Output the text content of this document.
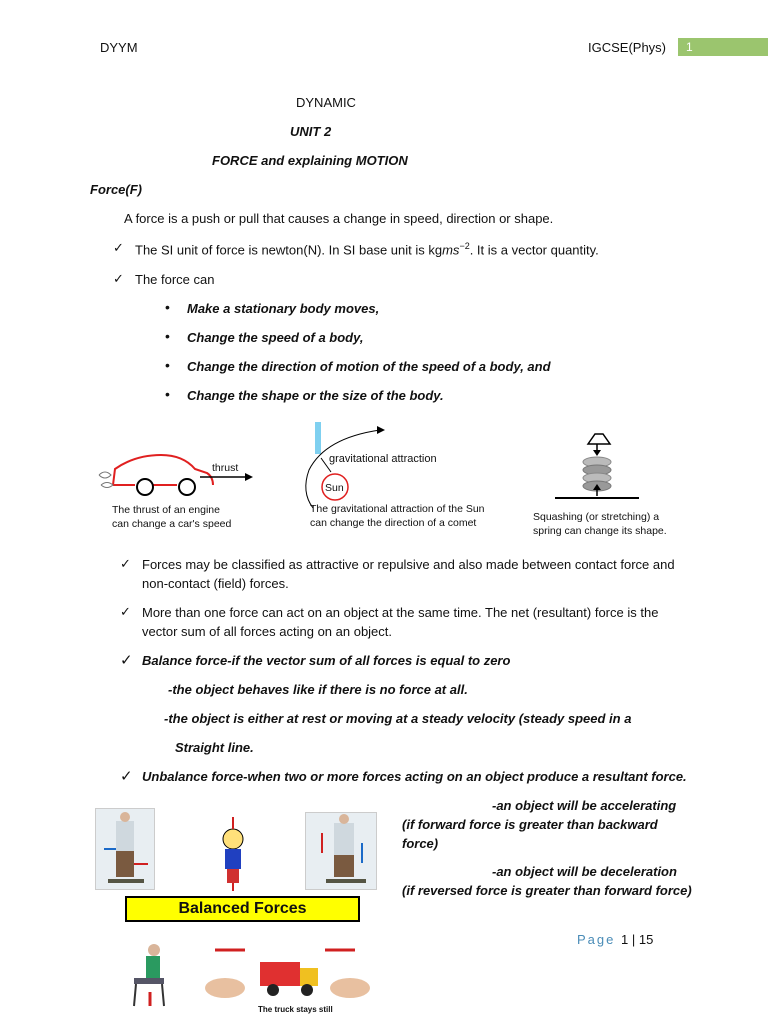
DYYM	IGCSE(Phys)	1
DYNAMIC
UNIT 2
FORCE and explaining MOTION
Force(F)
A force is a push or pull that causes a change in speed, direction or shape.
✓ The SI unit of force is newton(N). In SI base unit is kgms$^{-2}$. It is a vector quantity.
✓ The force can
• Make a stationary body moves,
• Change the speed of a body,
• Change the direction of motion of the speed of a body, and
• Change the shape or the size of the body.
thrust
The thrust of an engine
can change a car's speed
gravitational attraction
Sun
The gravitational attraction of the Sun
can change the direction of a comet	Squashing (or stretching) a
spring can change its shape.
✓ Forces may be classified as attractive or repulsive and also made between contact force and
non-contact (field) forces.
✓ More than one force can act on an object at the same time. The net (resultant) force is the
vector sum of all forces acting on an object.
✓ Balance force-if the vector sum of all forces is equal to zero
-the object behaves like if there is no force at all.
-the object is either at rest or moving at a steady velocity (steady speed in a
Straight line.
✓ Unbalance force-when two or more forces acting on an object produce a resultant force.
Balanced Forces
The truck stays still
-an object will be accelerating
(if forward force is greater than backward
force)
-an object will be deceleration
(if reversed force is greater than forward force)
Page 1 | 15
